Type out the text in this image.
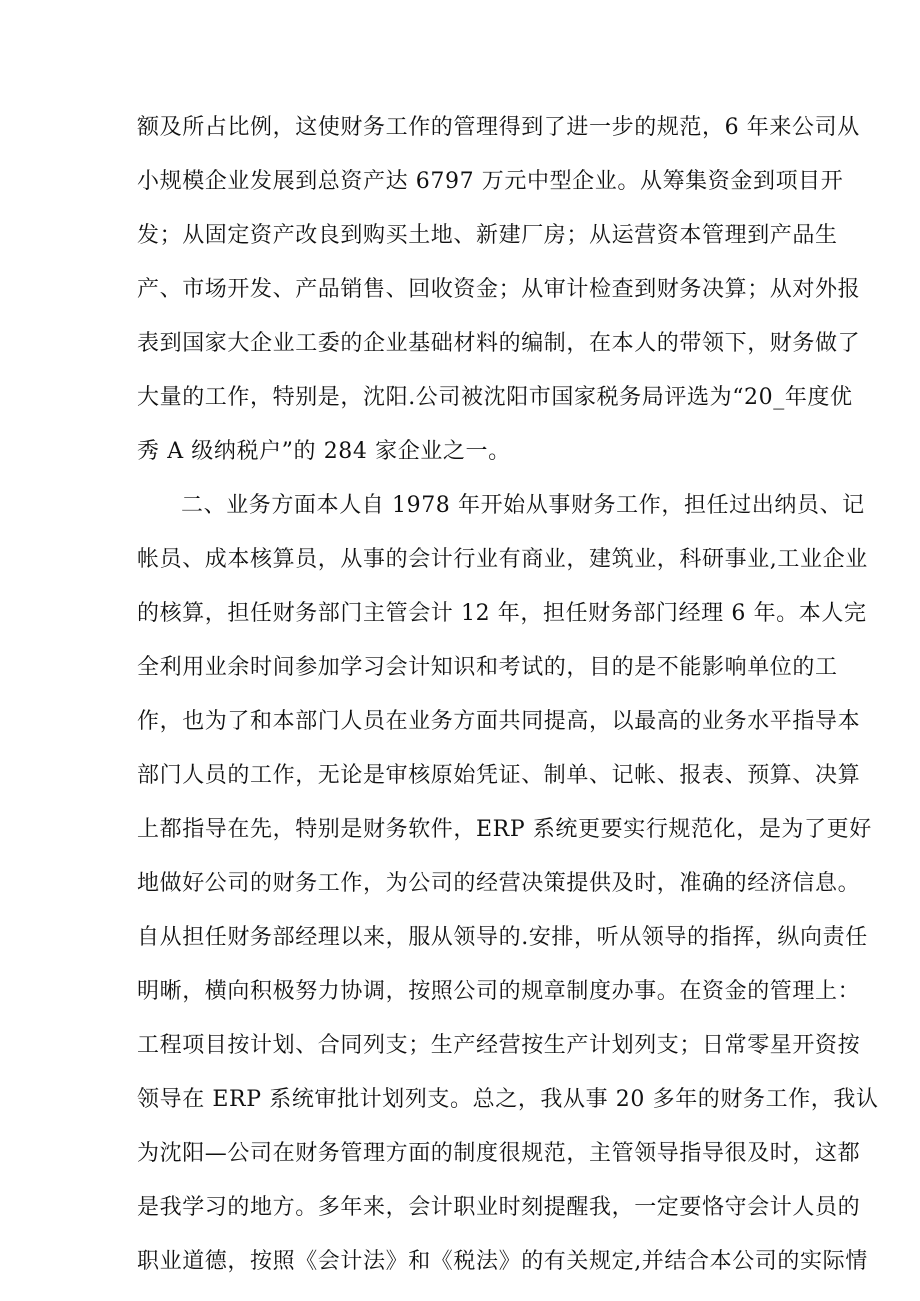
额及所占比例，这使财务工作的管理得到了进一步的规范，6 年来公司从
小规模企业发展到总资产达 6797 万元中型企业。从筹集资金到项目开
发；从固定资产改良到购买土地、新建厂房；从运营资本管理到产品生
产、市场开发、产品销售、回收资金；从审计检查到财务决算；从对外报
表到国家大企业工委的企业基础材料的编制，在本人的带领下，财务做了
大量的工作，特别是，沈阳.公司被沈阳市国家税务局评选为“20_年度优
秀 A 级纳税户”的 284 家企业之一。
二、业务方面本人自 1978 年开始从事财务工作，担任过出纳员、记
帐员、成本核算员，从事的会计行业有商业，建筑业，科研事业,工业企业
的核算，担任财务部门主管会计 12 年，担任财务部门经理 6 年。本人完
全利用业余时间参加学习会计知识和考试的，目的是不能影响单位的工
作，也为了和本部门人员在业务方面共同提高，以最高的业务水平指导本
部门人员的工作，无论是审核原始凭证、制单、记帐、报表、预算、决算
上都指导在先，特别是财务软件，ERP 系统更要实行规范化，是为了更好
地做好公司的财务工作，为公司的经营决策提供及时，准确的经济信息。
自从担任财务部经理以来，服从领导的.安排，听从领导的指挥，纵向责任
明晰，横向积极努力协调，按照公司的规章制度办事。在资金的管理上：
工程项目按计划、合同列支；生产经营按生产计划列支；日常零星开资按
领导在 ERP 系统审批计划列支。总之，我从事 20 多年的财务工作，我认
为沈阳—公司在财务管理方面的制度很规范，主管领导指导很及时，这都
是我学习的地方。多年来，会计职业时刻提醒我，一定要恪守会计人员的
职业道德，按照《会计法》和《税法》的有关规定,并结合本公司的实际情
